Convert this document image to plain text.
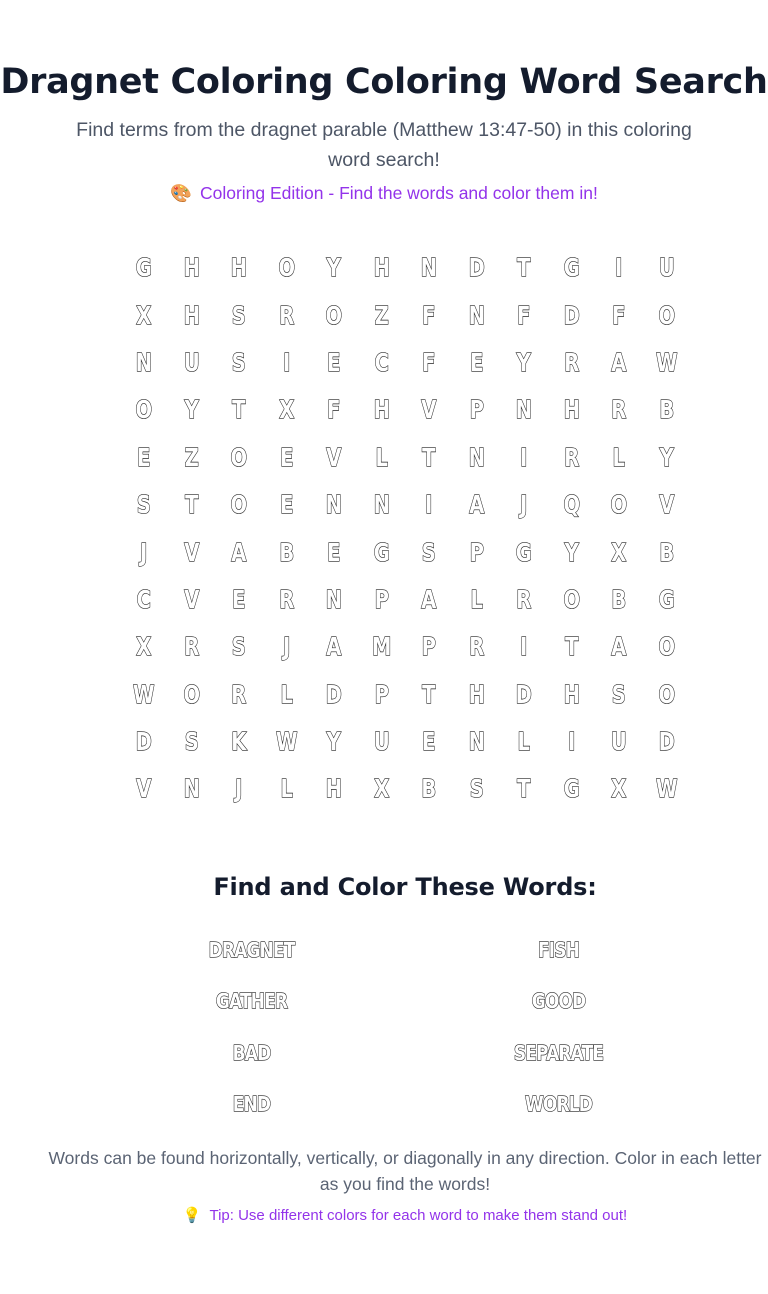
Dragnet Coloring Coloring Word Search

Find terms from the dragnet parable (Matthew 13:47-50) in this coloring word search!

🎨 Coloring Edition - Find the words and color them in!
G	H	H	O	Y	H	N	D	T	G	I	U
X	H	S	R	O	Z	F	N	F	D	F	O
N	U	S	I	E	C	F	E	Y	R	A	W
O	Y	T	X	F	H	V	P	N	H	R	B
E	Z	O	E	V	L	T	N	I	R	L	Y
S	T	O	E	N	N	I	A	J	Q	O	V
J	V	A	B	E	G	S	P	G	Y	X	B
C	V	E	R	N	P	A	L	R	O	B	G
X	R	S	J	A	M	P	R	I	T	A	O
W	O	R	L	D	P	T	H	D	H	S	O
D	S	K	W	Y	U	E	N	L	I	U	D
V	N	J	L	H	X	B	S	T	G	X	W
Find and Color These Words:
DRAGNET	FISH
GATHER	GOOD
BAD	SEPARATE
END	WORLD

Words can be found horizontally, vertically, or diagonally in any direction. Color in each letter as you find the words!

💡 Tip: Use different colors for each word to make them stand out!
